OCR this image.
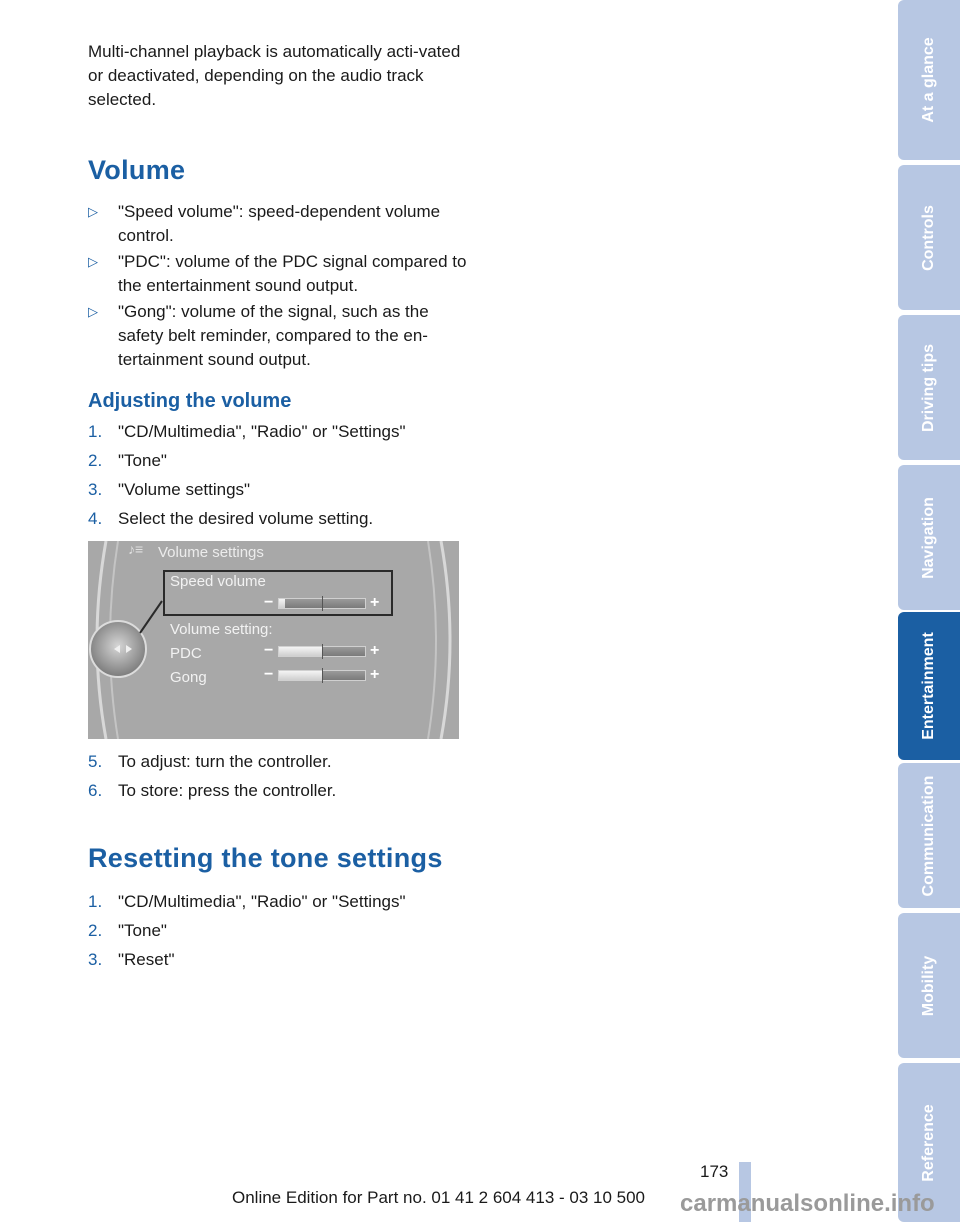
Multi-channel playback is automatically acti-vated or deactivated, depending on the audio track selected.
Volume
▷ "Speed volume": speed-dependent volume control.
▷ "PDC": volume of the PDC signal compared to the entertainment sound output.
▷ "Gong": volume of the signal, such as the safety belt reminder, compared to the en-tertainment sound output.
Adjusting the volume
1. "CD/Multimedia", "Radio" or "Settings"
2. "Tone"
3. "Volume settings"
4. Select the desired volume setting.
5. To adjust: turn the controller.
6. To store: press the controller.
Resetting the tone settings
1. "CD/Multimedia", "Radio" or "Settings"
2. "Tone"
3. "Reset"
♪≡ Volume settings
Speed volume
−	+
Volume setting:
PDC	−	+
Gong	−	+
At a glance
Controls
Driving tips
Navigation
Entertainment
Communication
Mobility
Reference
173
Online Edition for Part no. 01 41 2 604 413 - 03 10 500 carmanualsonline.info
